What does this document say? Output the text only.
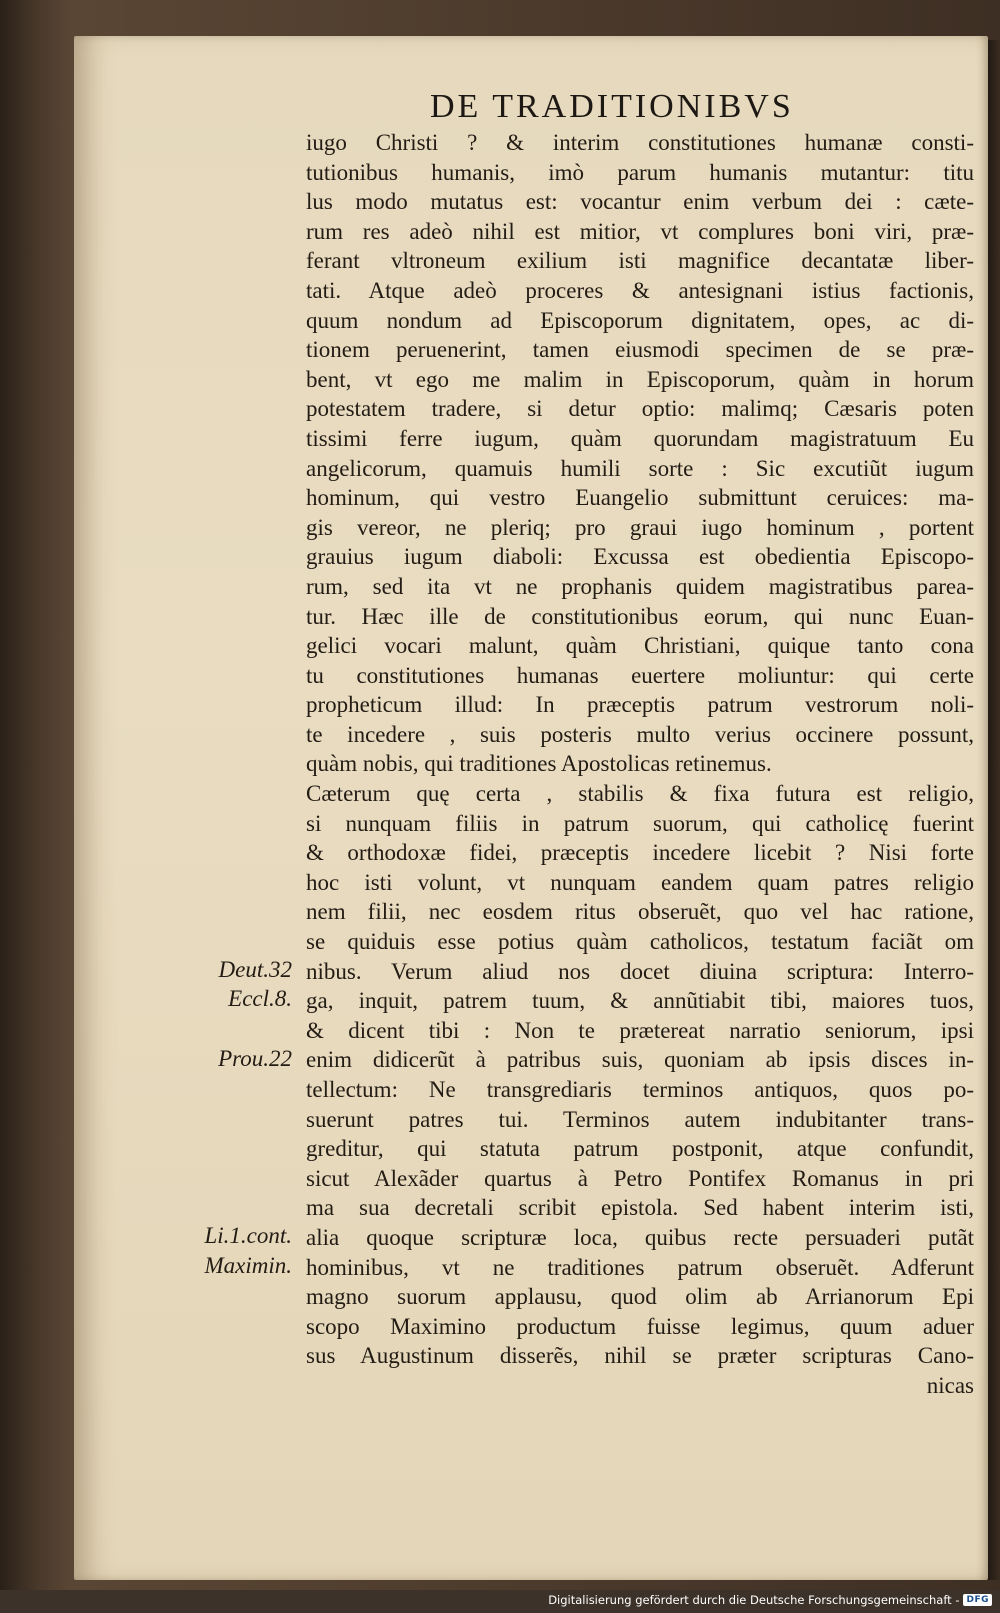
DE TRADITIONIBVS
iugo Christi ? & interim constitutiones humanæ consti-
tutionibus humanis, imò parum humanis mutantur: titu
lus modo mutatus est: vocantur enim verbum dei : cæte-
rum res adeò nihil est mitior, vt complures boni viri, præ-
ferant vltroneum exilium isti magnifice decantatæ liber-
tati. Atque adeò proceres & antesignani istius factionis,
quum nondum ad Episcoporum dignitatem, opes, ac di-
tionem peruenerint, tamen eiusmodi specimen de se præ-
bent, vt ego me malim in Episcoporum, quàm in horum
potestatem tradere, si detur optio: malimq; Cæsaris poten
tissimi ferre iugum, quàm quorundam magistratuum Eu
angelicorum, quamuis humili sorte : Sic excutiũt iugum
hominum, qui vestro Euangelio submittunt ceruices: ma-
gis vereor, ne pleriq; pro graui iugo hominum , portent
grauius iugum diaboli: Excussa est obedientia Episcopo-
rum, sed ita vt ne prophanis quidem magistratibus parea-
tur. Hæc ille de constitutionibus eorum, qui nunc Euan-
gelici vocari malunt, quàm Christiani, quique tanto cona
tu constitutiones humanas euertere moliuntur: qui certe
propheticum illud: In præceptis patrum vestrorum noli-
te incedere , suis posteris multo verius occinere possunt,
quàm nobis, qui traditiones Apostolicas retinemus.
Cæterum quę certa , stabilis & fixa futura est religio,
si nunquam filiis in patrum suorum, qui catholicę fuerint
& orthodoxæ fidei, præceptis incedere licebit ? Nisi forte
hoc isti volunt, vt nunquam eandem quam patres religio
nem filii, nec eosdem ritus obseruẽt, quo vel hac ratione,
se quiduis esse potius quàm catholicos, testatum faciãt om
nibus. Verum aliud nos docet diuina scriptura: Interro-
ga, inquit, patrem tuum, & annũtiabit tibi, maiores tuos,
& dicent tibi : Non te prætereat narratio seniorum, ipsi
enim didicerũt à patribus suis, quoniam ab ipsis disces in-
tellectum: Ne transgrediaris terminos antiquos, quos po-
suerunt patres tui. Terminos autem indubitanter trans-
greditur, qui statuta patrum postponit, atque confundit,
sicut Alexãder quartus à Petro Pontifex Romanus in pri
ma sua decretali scribit epistola. Sed habent interim isti,
alia quoque scripturæ loca, quibus recte persuaderi putãt
hominibus, vt ne traditiones patrum obseruẽt. Adferunt
magno suorum applausu, quod olim ab Arrianorum Epi
scopo Maximino productum fuisse legimus, quum aduer
sus Augustinum disserẽs, nihil se præter scripturas Cano-
nicas
Deut.32
Eccl.8.
Prou.22
Li.1.cont.
Maximin.
Digitalisierung gefördert durch die Deutsche Forschungsgemeinschaft - DFG
